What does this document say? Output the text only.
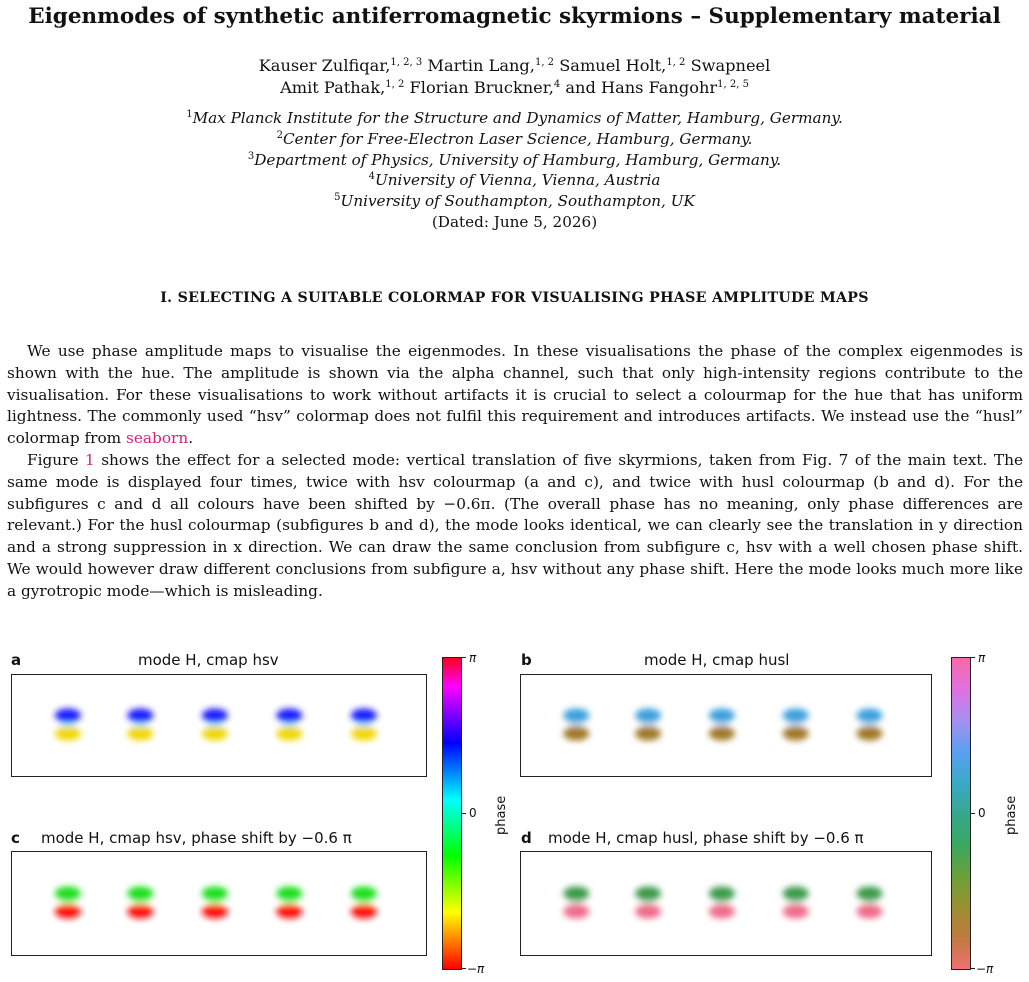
Eigenmodes of synthetic antiferromagnetic skyrmions – Supplementary material
Kauser Zulfiqar,$^{1, 2, 3}$ Martin Lang,$^{1, 2}$ Samuel Holt,$^{1, 2}$ Swapneel
Amit Pathak,$^{1, 2}$ Florian Bruckner,$^4$ and Hans Fangohr$^{1, 2, 5}$
$^1$Max Planck Institute for the Structure and Dynamics of Matter, Hamburg, Germany.
$^2$Center for Free-Electron Laser Science, Hamburg, Germany.
$^3$Department of Physics, University of Hamburg, Hamburg, Germany.
$^4$University of Vienna, Vienna, Austria
$^5$University of Southampton, Southampton, UK
(Dated: June 5, 2026)
I. SELECTING A SUITABLE COLORMAP FOR VISUALISING PHASE AMPLITUDE MAPS

We use phase amplitude maps to visualise the eigenmodes. In these visualisations the phase of the complex eigenmodes is shown with the hue. The amplitude is shown via the alpha channel, such that only high-intensity regions contribute to the visualisation. For these visualisations to work without artifacts it is crucial to select a colourmap for the hue that has uniform lightness. The commonly used “hsv” colormap does not fulfil this requirement and introduces artifacts. We instead use the “husl” colormap from seaborn.

Figure 1 shows the effect for a selected mode: vertical translation of five skyrmions, taken from Fig. 7 of the main text. The same mode is displayed four times, twice with hsv colourmap (a and c), and twice with husl colourmap (b and d). For the subfigures c and d all colours have been shifted by −0.6π. (The overall phase has no meaning, only phase differences are relevant.) For the husl colourmap (subfigures b and d), the mode looks identical, we can clearly see the translation in y direction and a strong suppression in x direction. We can draw the same conclusion from subfigure c, hsv with a well chosen phase shift. We would however draw different conclusions from subfigure a, hsv without any phase shift. Here the mode looks much more like a gyrotropic mode—which is misleading.

a	mode H, cmap hsv	b	mode H, cmap husl
c mode H, cmap hsv, phase shift by −0.6 π	d mode H, cmap husl, phase shift by −0.6 π
π
0
−π
phase
π
0
−π
phase
